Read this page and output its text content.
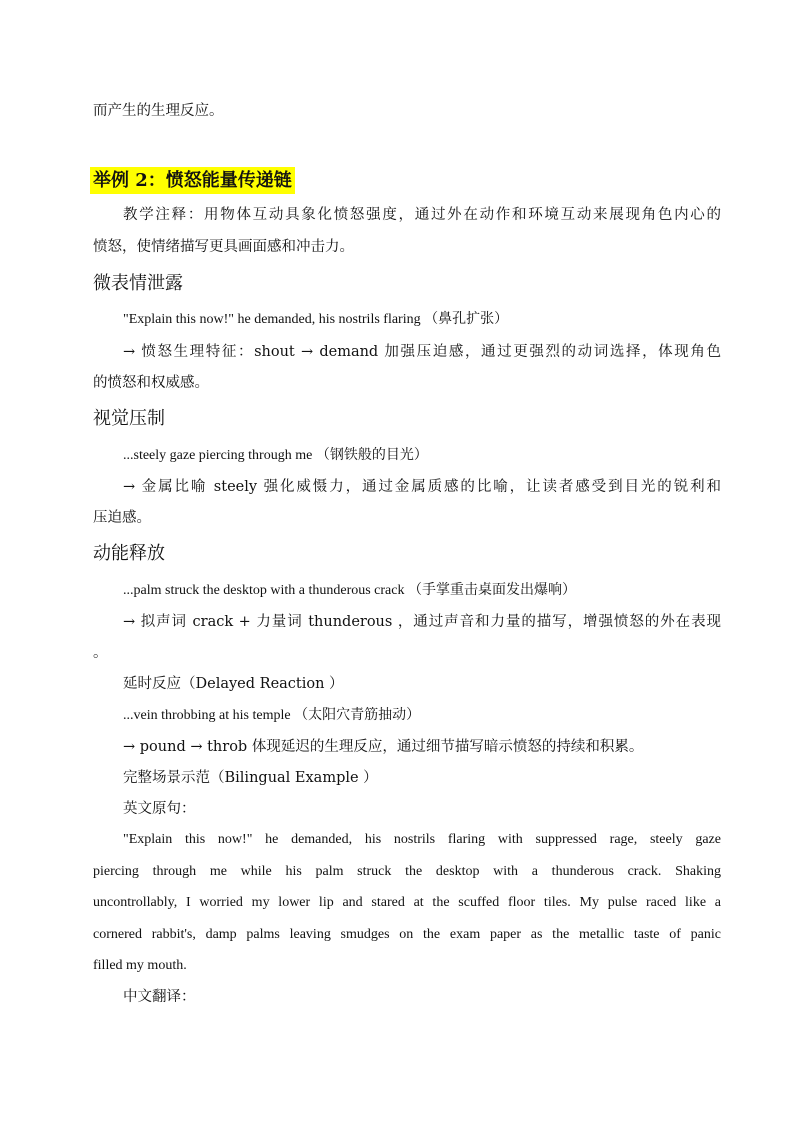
而产生的生理反应。
举例 2：愤怒能量传递链
教学注释：用物体互动具象化愤怒强度，通过外在动作和环境互动来展现角色内心的
愤怒，使情绪描写更具画面感和冲击力。
微表情泄露
"Explain this now!" he demanded, his nostrils flaring （鼻孔扩张）
→ 愤怒生理特征：shout → demand 加强压迫感，通过更强烈的动词选择，体现角色
的愤怒和权威感。
视觉压制
...steely gaze piercing through me （钢铁般的目光）
→ 金属比喻 steely 强化威慑力，通过金属质感的比喻，让读者感受到目光的锐利和
压迫感。
动能释放
...palm struck the desktop with a thunderous crack （手掌重击桌面发出爆响）
→ 拟声词 crack + 力量词 thunderous ，通过声音和力量的描写，增强愤怒的外在表现
。
延时反应（Delayed Reaction ）
...vein throbbing at his temple （太阳穴青筋抽动）
→ pound → throb 体现延迟的生理反应，通过细节描写暗示愤怒的持续和积累。
完整场景示范（Bilingual Example ）
英文原句：
"Explain this now!" he demanded, his nostrils flaring with suppressed rage, steely gaze
piercing through me while his palm struck the desktop with a thunderous crack. Shaking
uncontrollably, I worried my lower lip and stared at the scuffed floor tiles. My pulse raced like a
cornered rabbit's, damp palms leaving smudges on the exam paper as the metallic taste of panic
filled my mouth.
中文翻译：
